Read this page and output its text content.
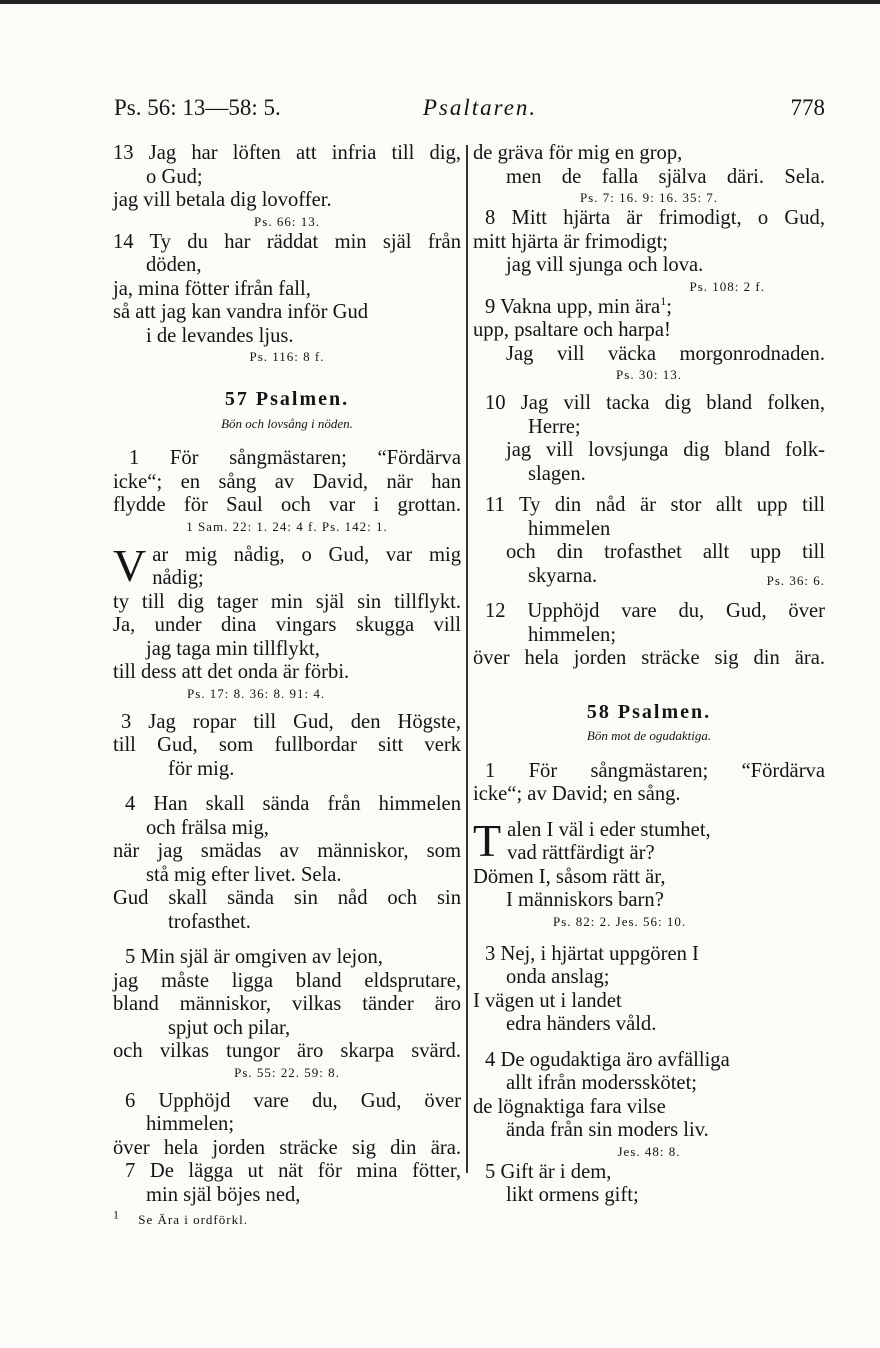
Ps. 56: 13—58: 5.	Psaltaren.	778
13 Jag har löften att infria till dig,
o Gud;
jag vill betala dig lovoffer.
Ps. 66: 13.
14 Ty du har räddat min själ från
döden,
ja, mina fötter ifrån fall,
så att jag kan vandra inför Gud
i de levandes ljus.
Ps. 116: 8 f.
57 Psalmen.
Bön och lovsång i nöden.
1 För sångmästaren; “Fördärva
icke“; en sång av David, när han
flydde för Saul och var i grottan.
1 Sam. 22: 1. 24: 4 f. Ps. 142: 1.
V ar mig nådig, o Gud, var mig
nådig;
ty till dig tager min själ sin tillflykt.
Ja, under dina vingars skugga vill
jag taga min tillflykt,
till dess att det onda är förbi.
Ps. 17: 8. 36: 8. 91: 4.
3 Jag ropar till Gud, den Högste,
till Gud, som fullbordar sitt verk
för mig.
4 Han skall sända från himmelen
och frälsa mig,
när jag smädas av människor, som
stå mig efter livet. Sela.
Gud skall sända sin nåd och sin
trofasthet.
5 Min själ är omgiven av lejon,
jag måste ligga bland eldsprutare,
bland människor, vilkas tänder äro
spjut och pilar,
och vilkas tungor äro skarpa svärd.
Ps. 55: 22. 59: 8.
6 Upphöjd vare du, Gud, över
himmelen;
över hela jorden sträcke sig din ära.
7 De lägga ut nät för mina fötter,
min själ böjes ned,
1 Se Ära i ordförkl.
de gräva för mig en grop,
men de falla själva däri. Sela.
Ps. 7: 16. 9: 16. 35: 7.
8 Mitt hjärta är frimodigt, o Gud,
mitt hjärta är frimodigt;
jag vill sjunga och lova.
Ps. 108: 2 f.
9 Vakna upp, min ära$^1$;
upp, psaltare och harpa!
Jag vill väcka morgonrodnaden.
Ps. 30: 13.
10 Jag vill tacka dig bland folken,
Herre;
jag vill lovsjunga dig bland folk-
slagen.
11 Ty din nåd är stor allt upp till
himmelen
och din trofasthet allt upp till
skyarna.	Ps. 36: 6.
12 Upphöjd vare du, Gud, över
himmelen;
över hela jorden sträcke sig din ära.
58 Psalmen.
Bön mot de ogudaktiga.
1 För sångmästaren; “Fördärva
icke“; av David; en sång.
T alen I väl i eder stumhet,
vad rättfärdigt är?
Dömen I, såsom rätt är,
I människors barn?
Ps. 82: 2. Jes. 56: 10.
3 Nej, i hjärtat uppgören I
onda anslag;
I vägen ut i landet
edra händers våld.
4 De ogudaktiga äro avfälliga
allt ifrån modersskötet;
de lögnaktiga fara vilse
ända från sin moders liv.
Jes. 48: 8.
5 Gift är i dem,
likt ormens gift;
